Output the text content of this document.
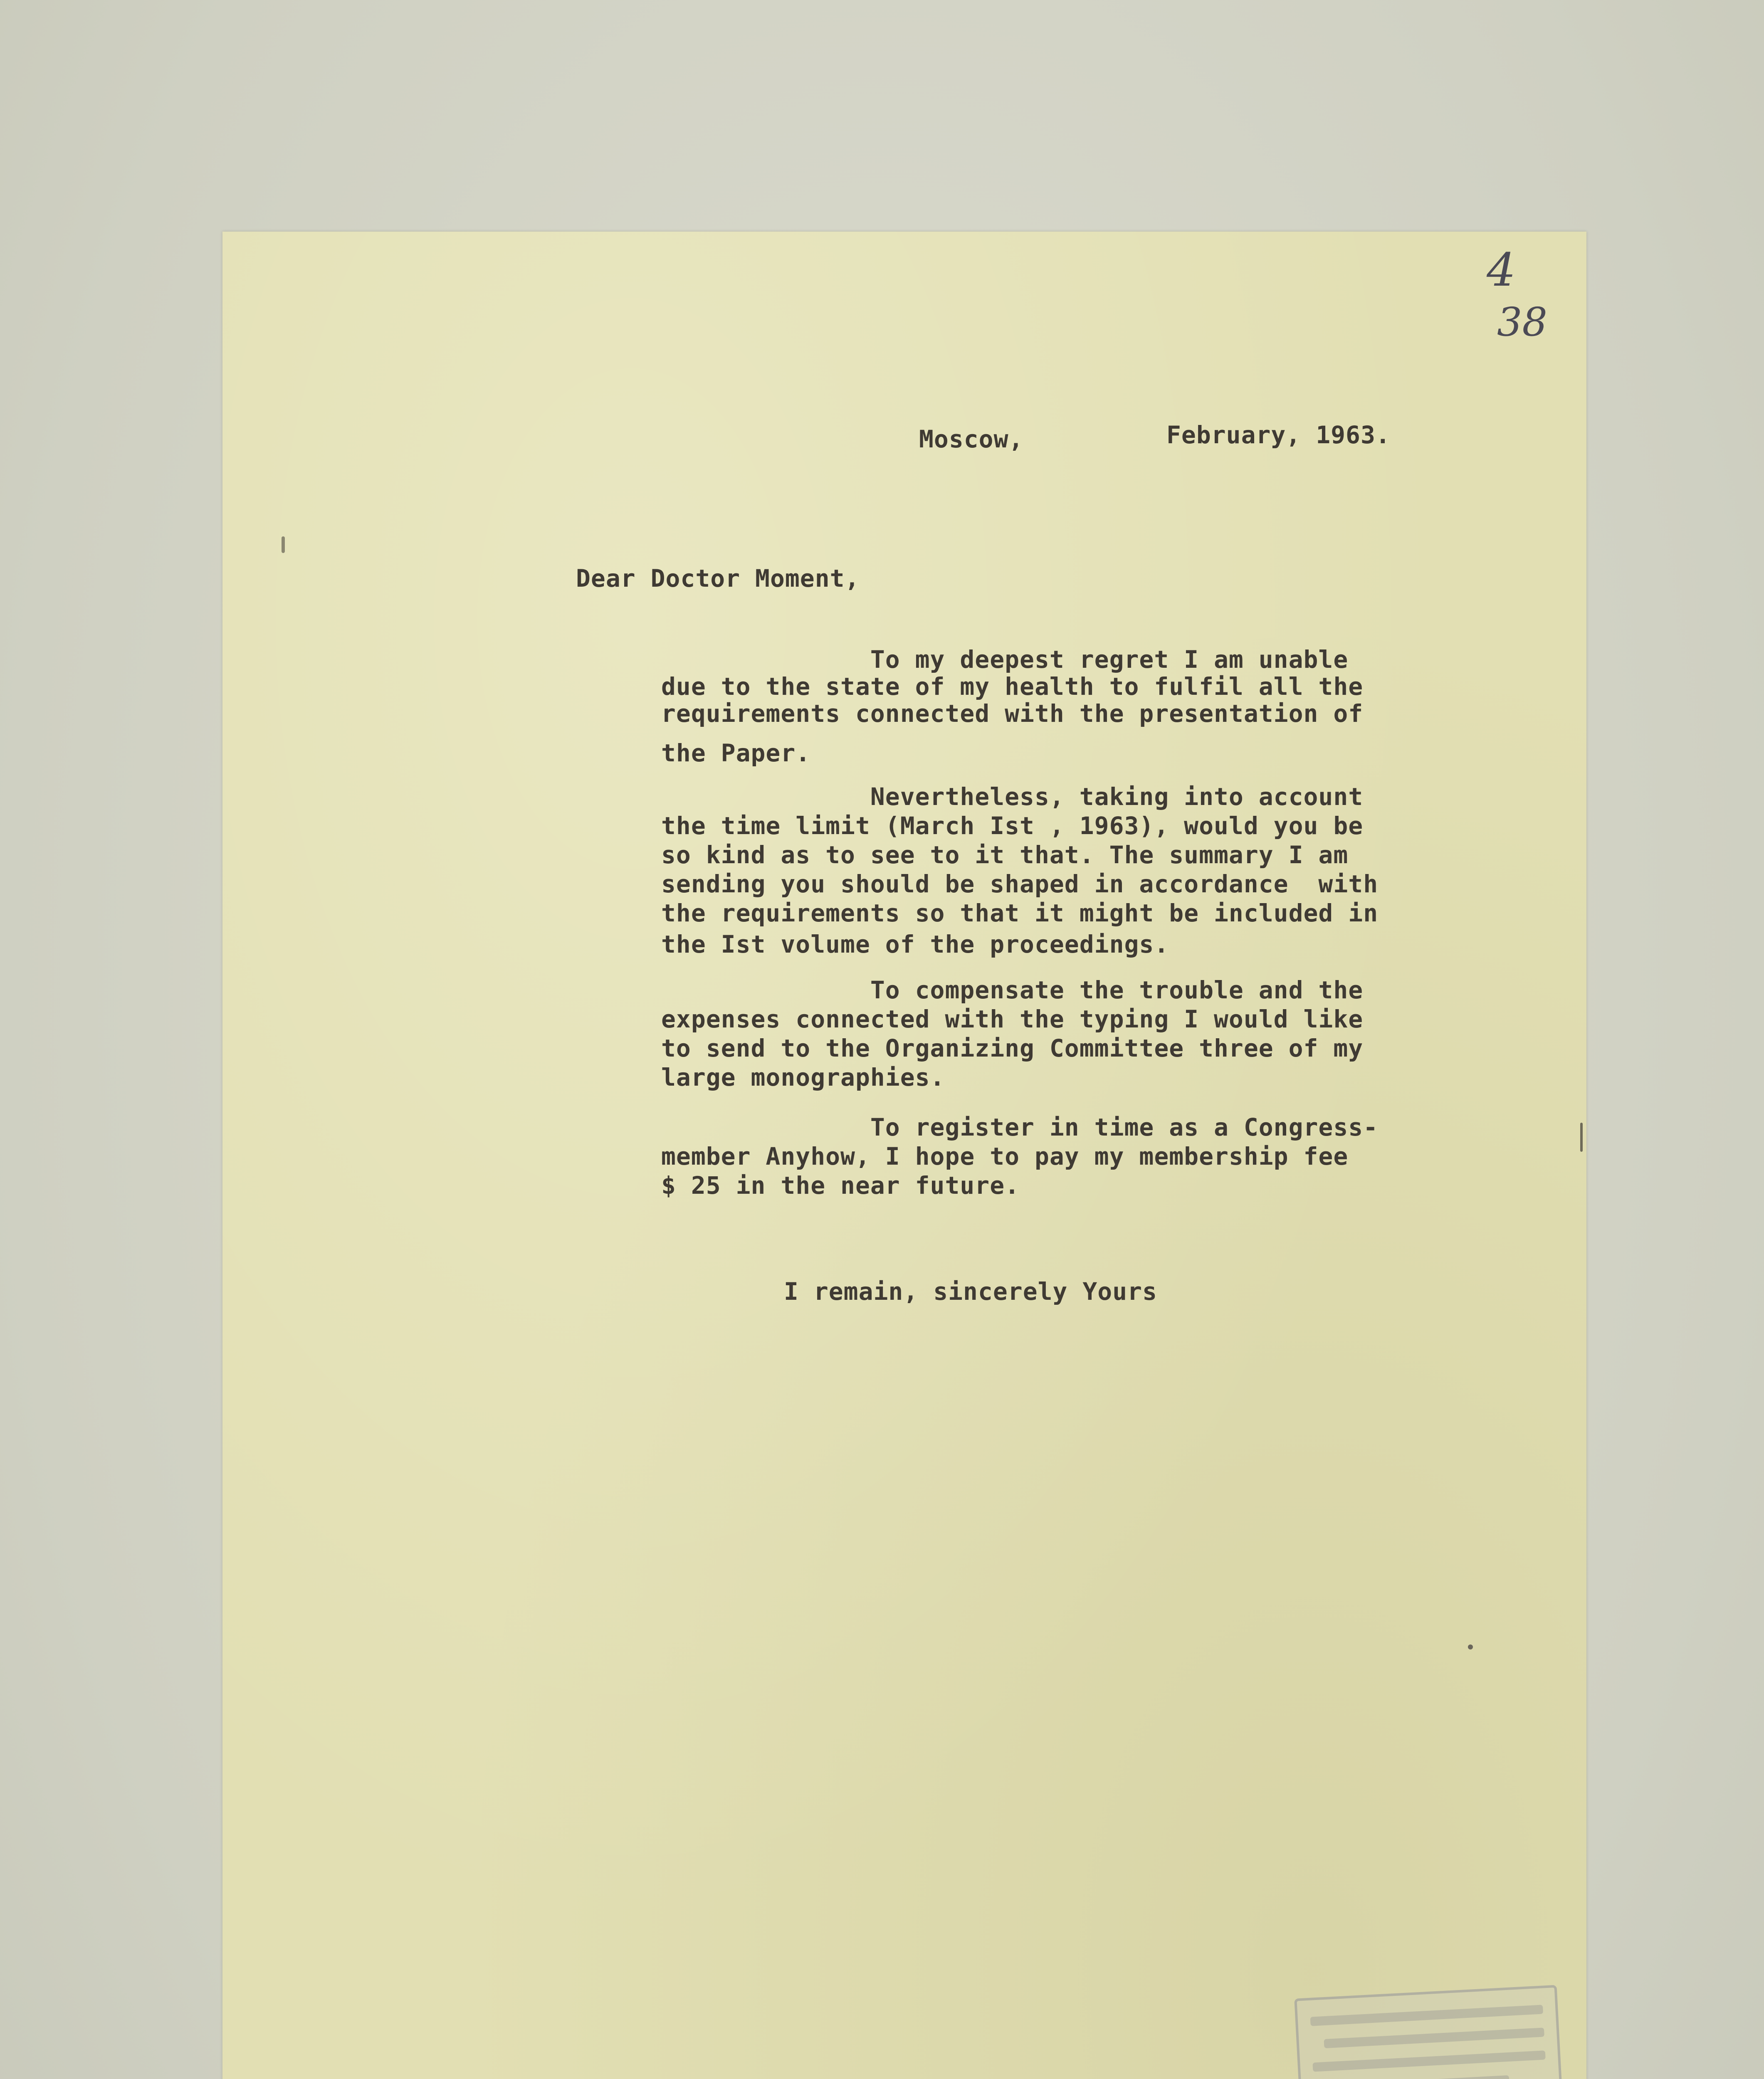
4

38

Moscow,	February, 1963.

Dear Doctor Moment,

To my deepest regret I am unable

due to the state of my health to fulfil all the

requirements connected with the presentation of

the Paper.

Nevertheless, taking into account

the time limit (March Ist , 1963), would you be

so kind as to see to it that. The summary I am

sending you should be shaped in accordance  with

the requirements so that it might be included in

the Ist volume of the proceedings.

To compensate the trouble and the

expenses connected with the typing I would like

to send to the Organizing Committee three of my

large monographies.

To register in time as a Congress-

member Anyhow, I hope to pay my membership fee

$ 25 in the near future.

I remain, sincerely Yours
